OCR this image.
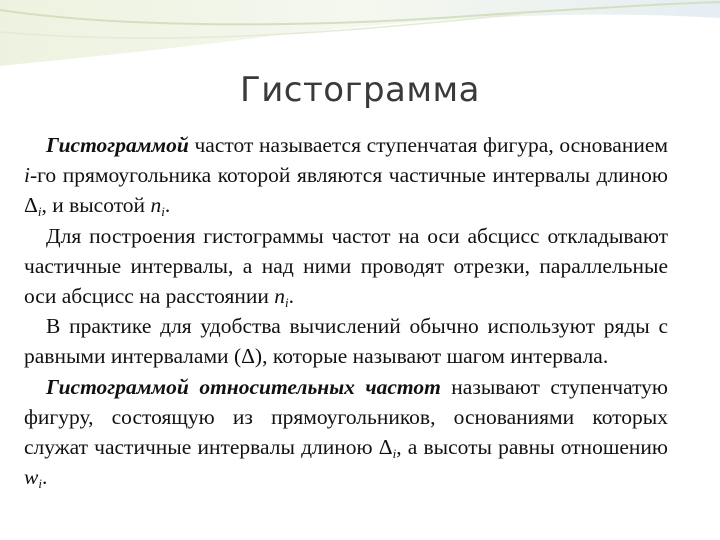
Гистограмма

Гистограммой частот называется ступенчатая фигура, основанием i-го прямоугольника которой являются частичные интервалы длиною $\Delta_i$, и высотой $n_i$.

Для построения гистограммы частот на оси абсцисс откладывают частичные интервалы, а над ними проводят отрезки, параллельные оси абсцисс на расстоянии $n_i$.

В практике для удобства вычислений обычно используют ряды с равными интервалами (Δ), которые называют шагом интервала.

Гистограммой относительных частот называют ступенчатую фигуру, состоящую из прямоугольников, основаниями которых служат частичные интервалы длиною $\Delta_i$, а высоты равны отношению $w_i$.
